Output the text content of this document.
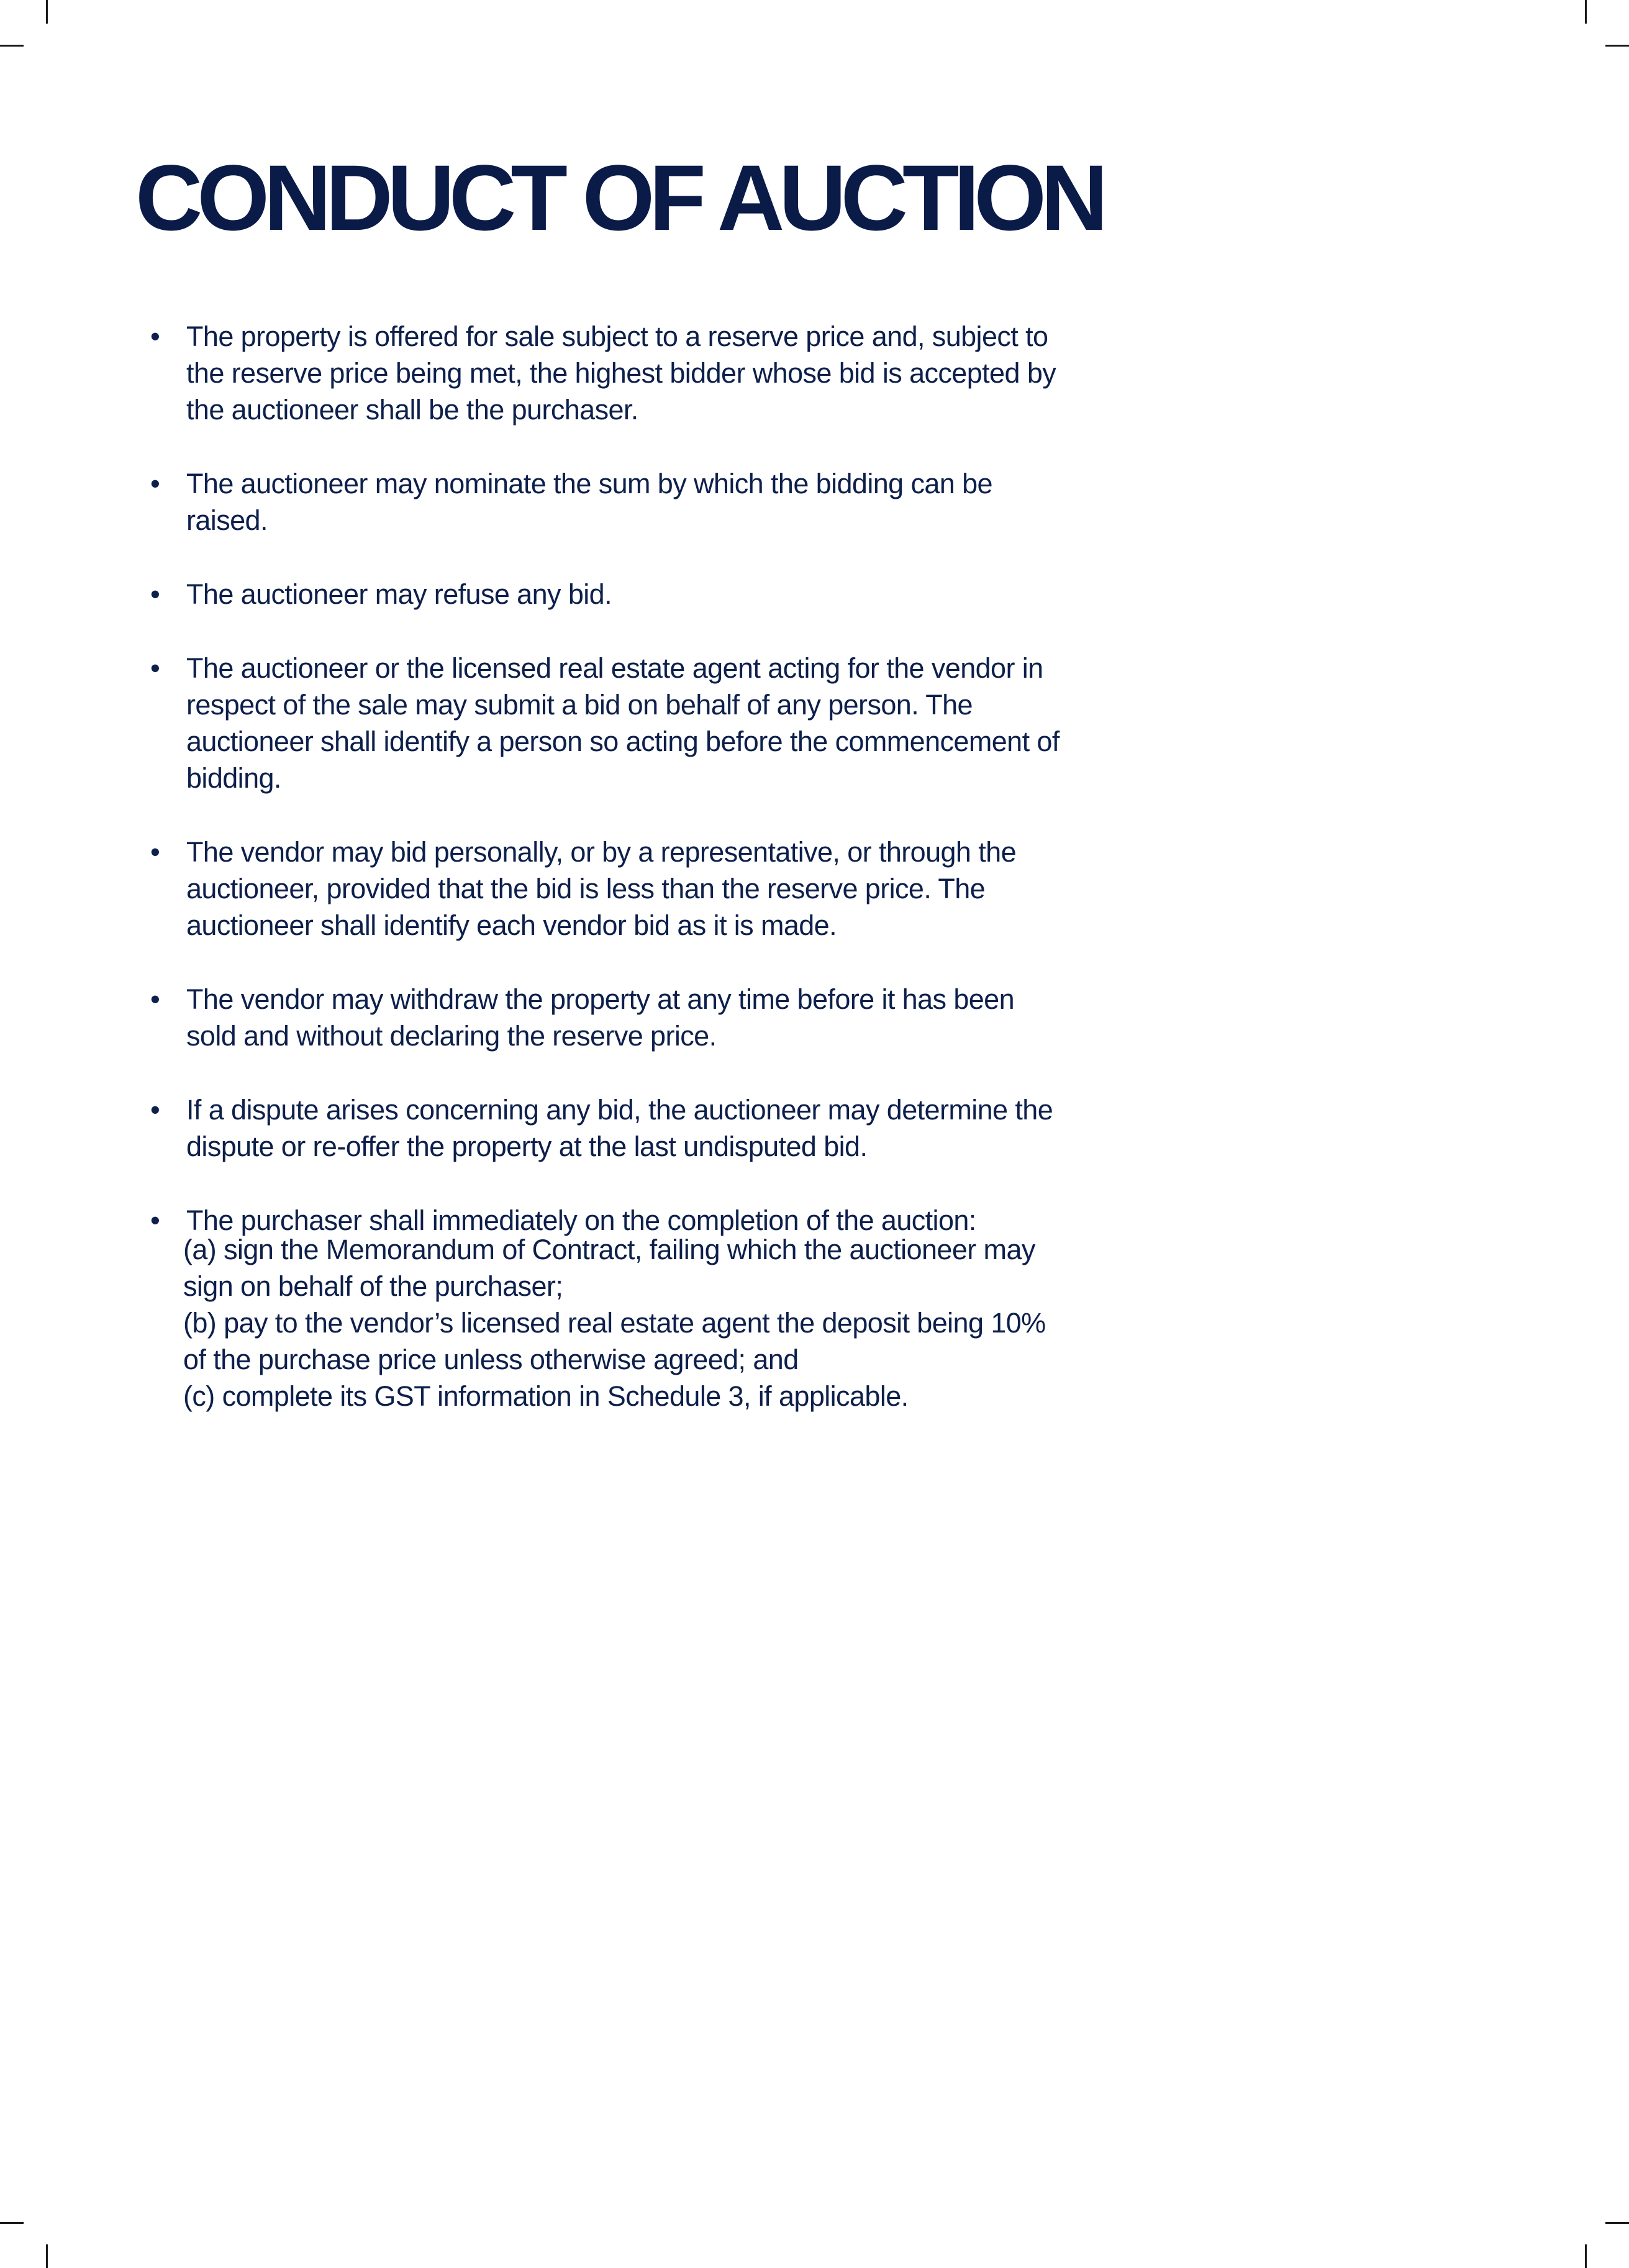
CONDUCT OF AUCTION
• The property is offered for sale subject to a reserve price and, subject to the reserve price being met, the highest bidder whose bid is accepted by the auctioneer shall be the purchaser.
• The auctioneer may nominate the sum by which the bidding can be raised.
• The auctioneer may refuse any bid.
• The auctioneer or the licensed real estate agent acting for the vendor in respect of the sale may submit a bid on behalf of any person. The auctioneer shall identify a person so acting before the commencement of bidding.
• The vendor may bid personally, or by a representative, or through the auctioneer, provided that the bid is less than the reserve price. The auctioneer shall identify each vendor bid as it is made.
• The vendor may withdraw the property at any time before it has been sold and without declaring the reserve price.
• If a dispute arises concerning any bid, the auctioneer may determine the dispute or re-offer the property at the last undisputed bid.
• The purchaser shall immediately on the completion of the auction:
(a) sign the Memorandum of Contract, failing which the auctioneer may sign on behalf of the purchaser;
(b) pay to the vendor’s licensed real estate agent the deposit being 10% of the purchase price unless otherwise agreed; and
(c) complete its GST information in Schedule 3, if applicable.
